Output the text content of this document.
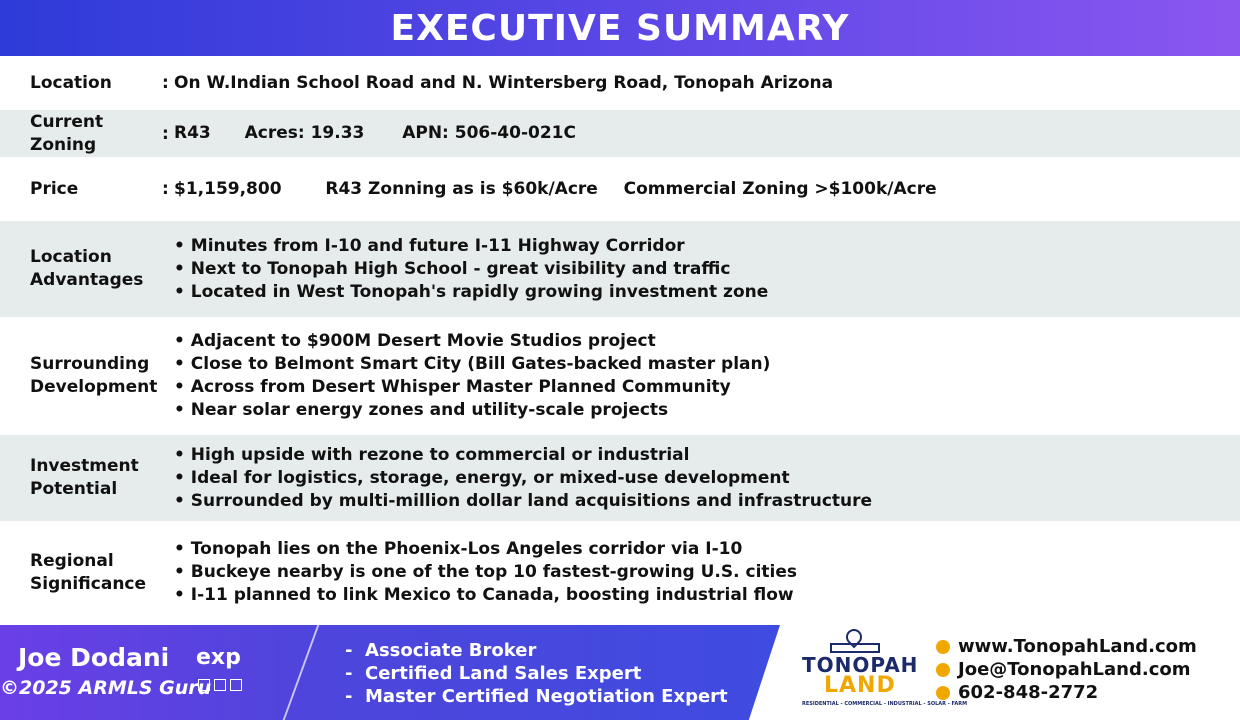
EXECUTIVE SUMMARY
Location	: On W.Indian School Road and N. Wintersberg Road, Tonopah Arizona
Current Zoning
: R43 Acres: 19.33 APN: 506-40-021C
Price	: $1,159,800	R43 Zonning as is $60k/Acre Commercial Zoning >$100k/Acre
Location
Advantages
• Minutes from I-10 and future I-11 Highway Corridor
• Next to Tonopah High School - great visibility and traffic
• Located in West Tonopah's rapidly growing investment zone
Surrounding
Development
• Adjacent to $900M Desert Movie Studios project
• Close to Belmont Smart City (Bill Gates-backed master plan)
• Across from Desert Whisper Master Planned Community
• Near solar energy zones and utility-scale projects
Investment
Potential
• High upside with rezone to commercial or industrial
• Ideal for logistics, storage, energy, or mixed-use development
• Surrounded by multi-million dollar land acquisitions and infrastructure
Regional
Significance
• Tonopah lies on the Phoenix-Los Angeles corridor via I-10
• Buckeye nearby is one of the top 10 fastest-growing U.S. cities
• I-11 planned to link Mexico to Canada, boosting industrial flow
Joe Dodani
©2025 ARMLS Guru
exp
-	Associate Broker
-  Certified Land Sales Expert
-  Master Certified Negotiation Expert
TONOPAH
LAND
RESIDENTIAL - COMMERCIAL - INDUSTRIAL - SOLAR - FARM
www.TonopahLand.com
Joe@TonopahLand.com
602-848-2772
